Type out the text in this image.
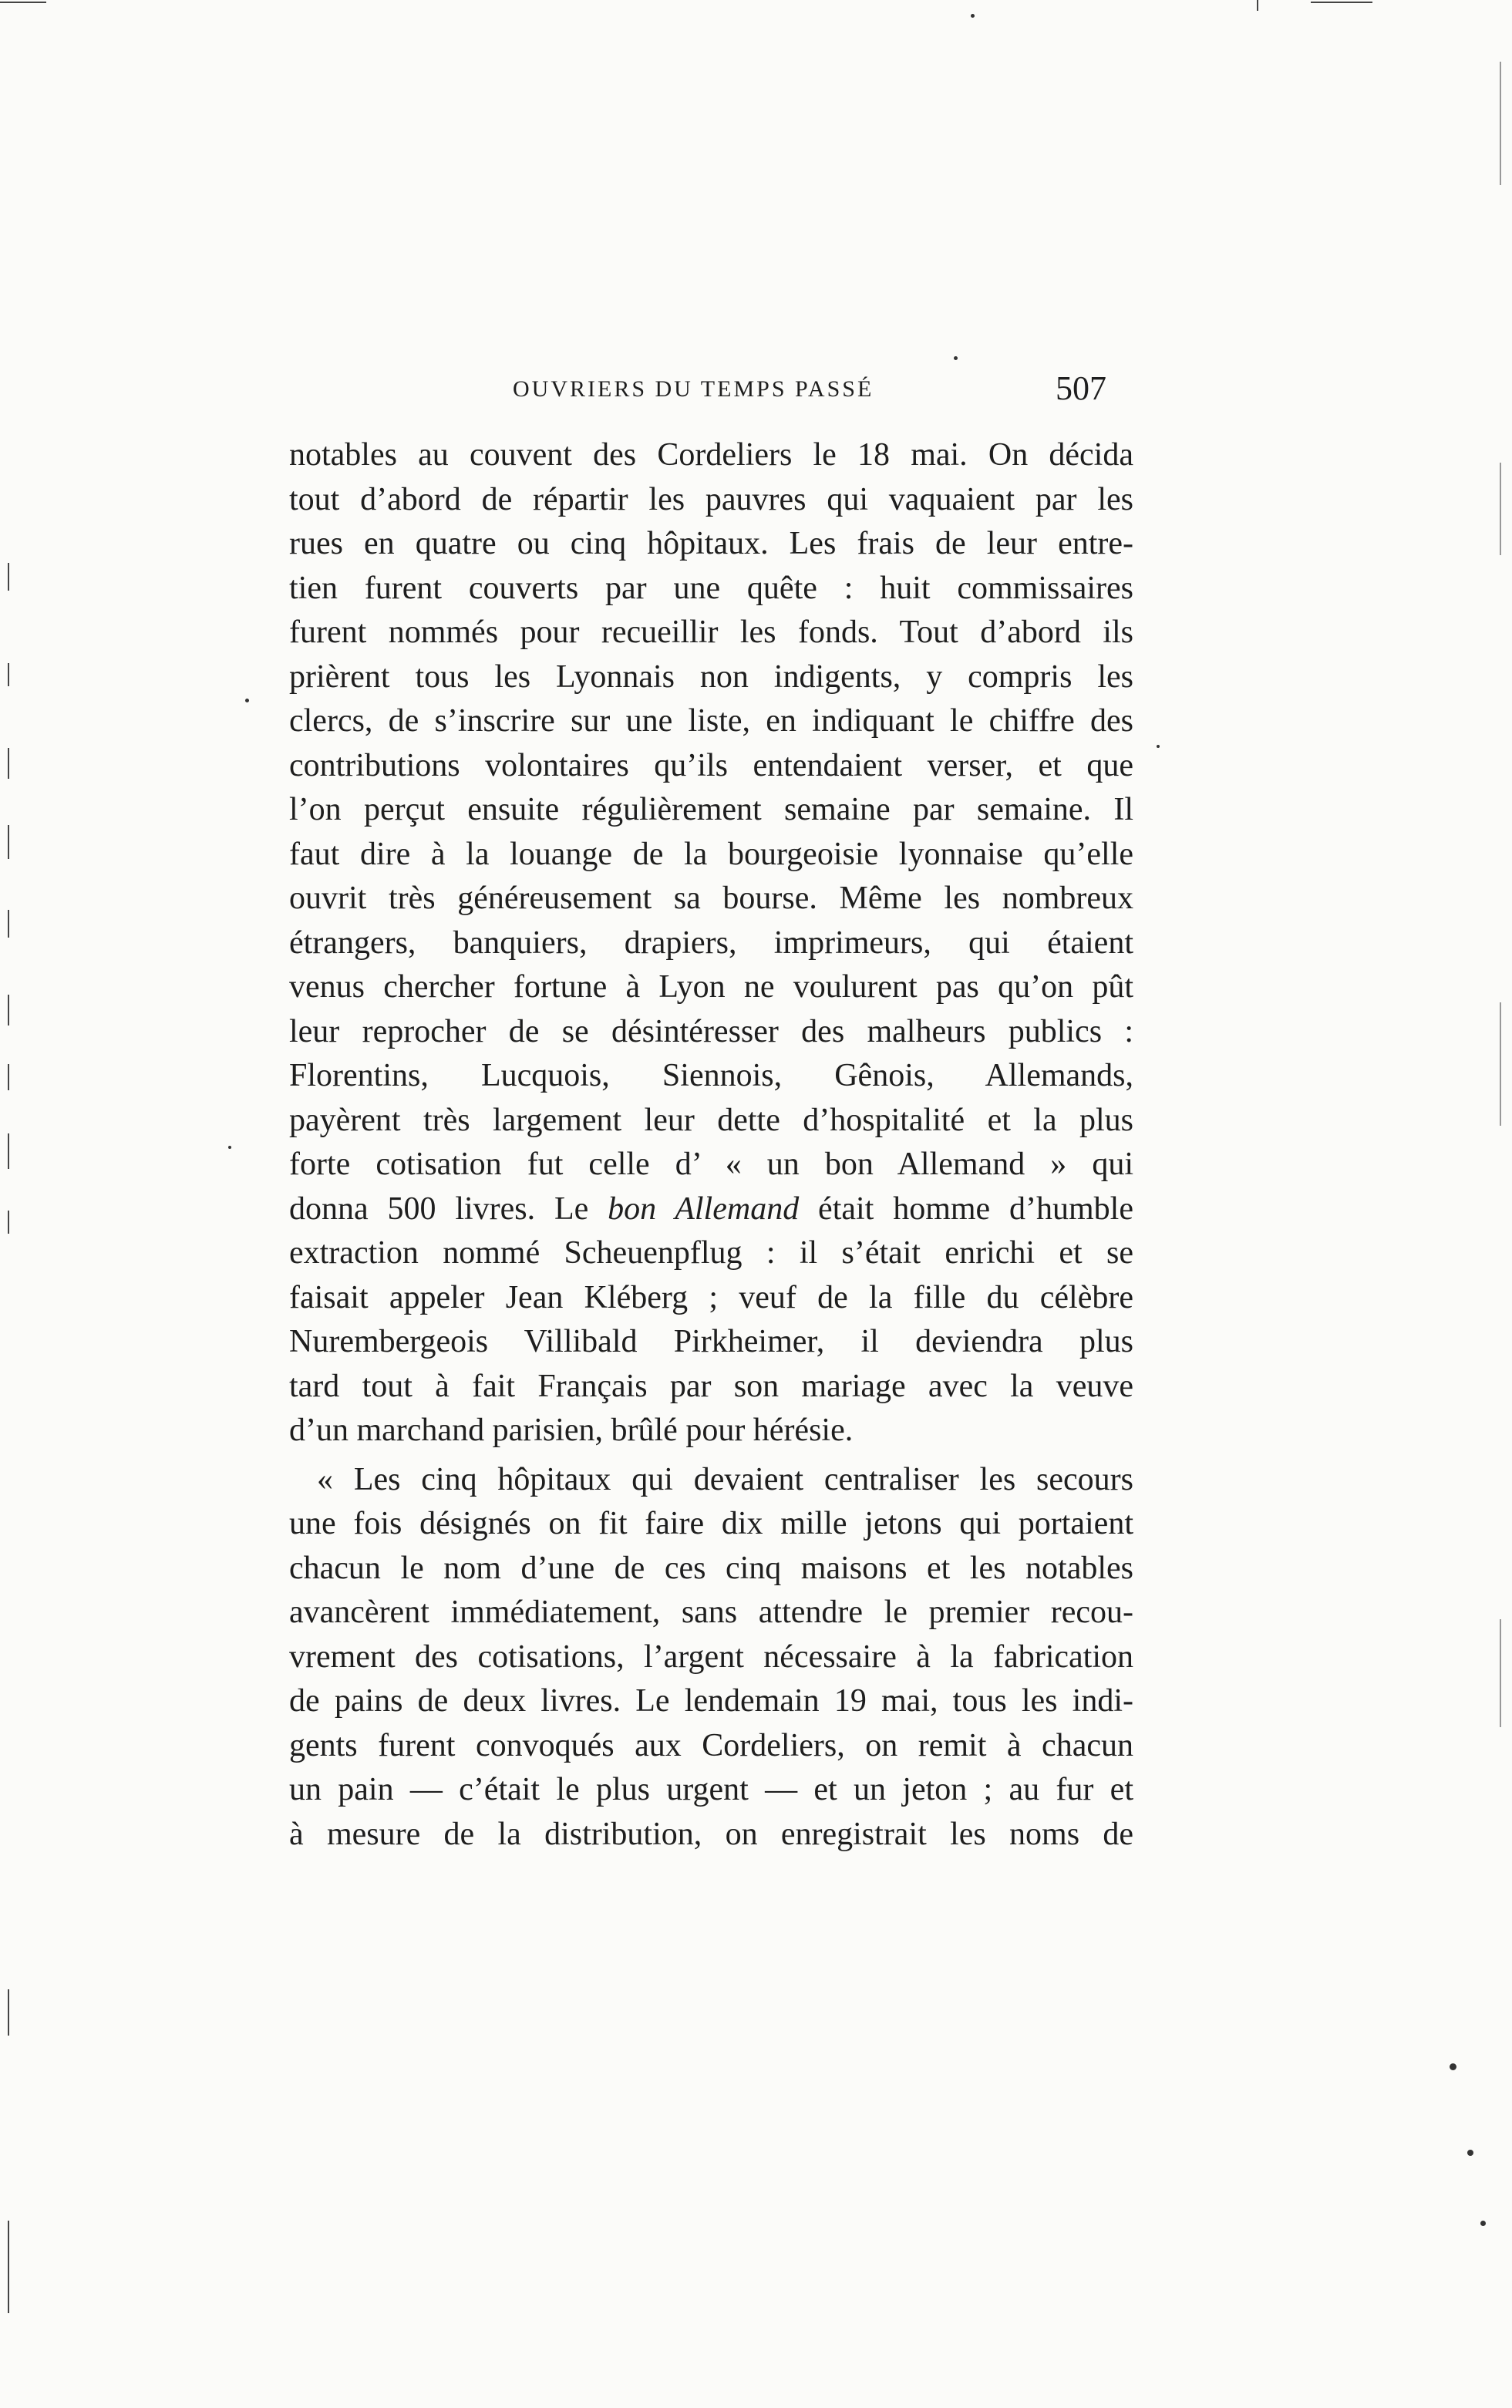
OUVRIERS DU TEMPS PASSÉ	507
notables au couvent des Cordeliers le 18 mai. On décida
tout d’abord de répartir les pauvres qui vaquaient par les
rues en quatre ou cinq hôpitaux. Les frais de leur entre-
tien furent couverts par une quête : huit commissaires
furent nommés pour recueillir les fonds. Tout d’abord ils
prièrent tous les Lyonnais non indigents, y compris les
clercs, de s’inscrire sur une liste, en indiquant le chiffre des
contributions volontaires qu’ils entendaient verser, et que
l’on perçut ensuite régulièrement semaine par semaine. Il
faut dire à la louange de la bourgeoisie lyonnaise qu’elle
ouvrit très généreusement sa bourse. Même les nombreux
étrangers, banquiers, drapiers, imprimeurs, qui étaient
venus chercher fortune à Lyon ne voulurent pas qu’on pût
leur reprocher de se désintéresser des malheurs publics :
Florentins, Lucquois, Siennois, Gênois, Allemands,
payèrent très largement leur dette d’hospitalité et la plus
forte cotisation fut celle d’ « un bon Allemand » qui
donna 500 livres. Le bon Allemand était homme d’humble
extraction nommé Scheuenpflug : il s’était enrichi et se
faisait appeler Jean Kléberg ; veuf de la fille du célèbre
Nurembergeois Villibald Pirkheimer, il deviendra plus
tard tout à fait Français par son mariage avec la veuve
d’un marchand parisien, brûlé pour hérésie.
« Les cinq hôpitaux qui devaient centraliser les secours
une fois désignés on fit faire dix mille jetons qui portaient
chacun le nom d’une de ces cinq maisons et les notables
avancèrent immédiatement, sans attendre le premier recou-
vrement des cotisations, l’argent nécessaire à la fabrication
de pains de deux livres. Le lendemain 19 mai, tous les indi-
gents furent convoqués aux Cordeliers, on remit à chacun
un pain — c’était le plus urgent — et un jeton ; au fur et
à mesure de la distribution, on enregistrait les noms de
